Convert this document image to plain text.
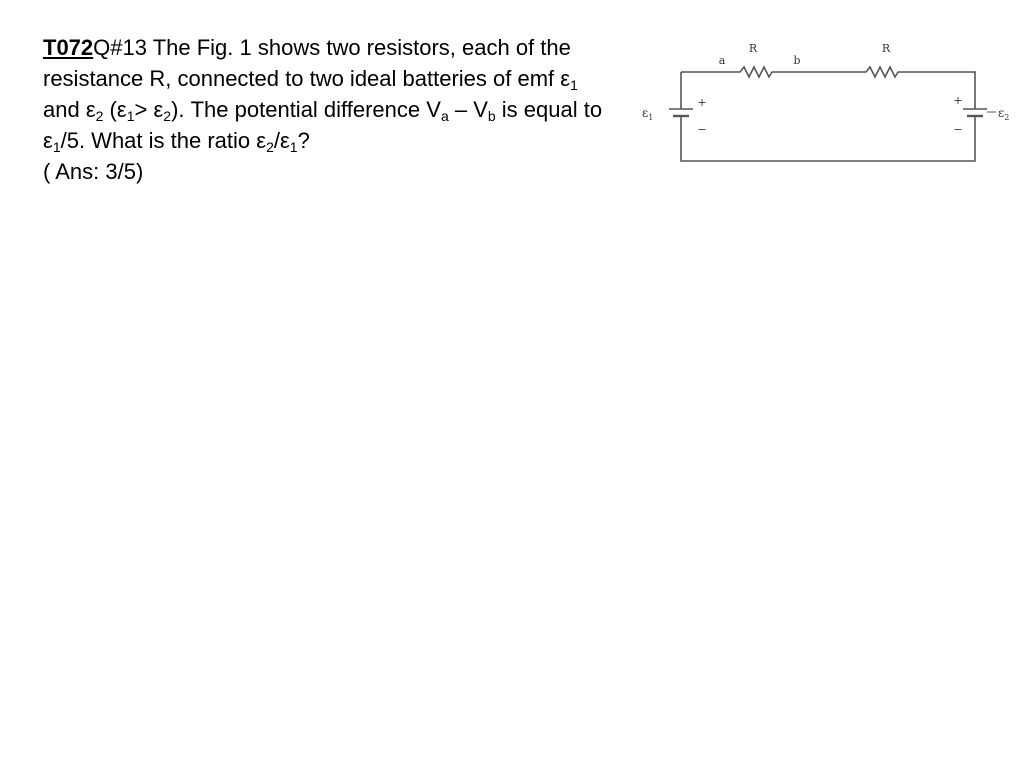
T072Q#13 The Fig. 1 shows two resistors, each of the resistance R, connected to two ideal batteries of emf $\varepsilon_1$ and $\varepsilon_2$ $(\varepsilon_1> \varepsilon_2)$. The potential difference $V_a - V_b$ is equal to $\varepsilon_1/5$. What is the ratio $\varepsilon_2/\varepsilon_1$?

( Ans: 3/5)

R	R
a	b
+
−
$\varepsilon_1$
+
−
$\varepsilon_2$
